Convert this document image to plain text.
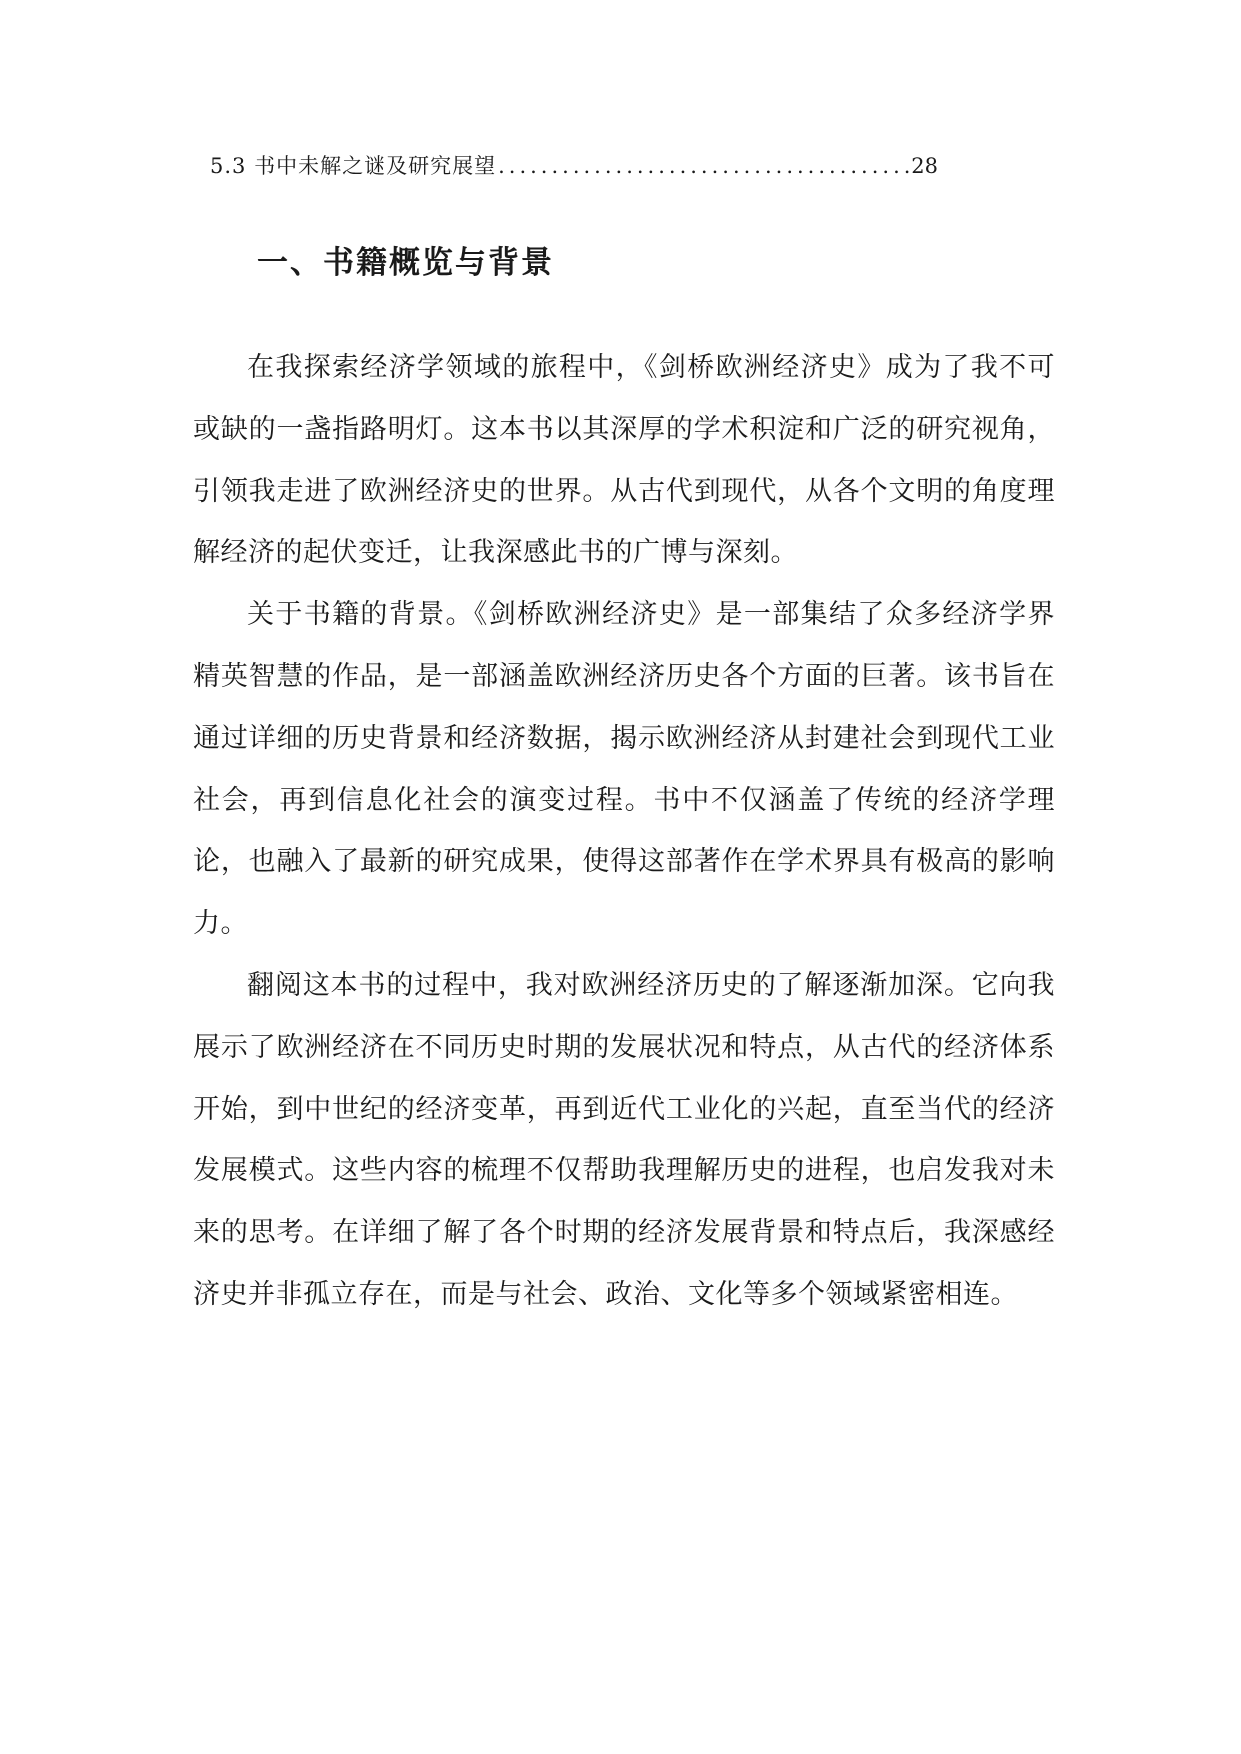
5.3
书中未解之谜及研究展望
.....	28
一、书籍概览与背景

在我探索经济学领域的旅程中，《剑桥欧洲经济史》成为了我不可或缺的一盏指路明灯。这本书以其深厚的学术积淀和广泛的研究视角，引领我走进了欧洲经济史的世界。从古代到现代，从各个文明的角度理解经济的起伏变迁，让我深感此书的广博与深刻。

关于书籍的背景。《剑桥欧洲经济史》是一部集结了众多经济学界精英智慧的作品，是一部涵盖欧洲经济历史各个方面的巨著。该书旨在通过详细的历史背景和经济数据，揭示欧洲经济从封建社会到现代工业社会，再到信息化社会的演变过程。书中不仅涵盖了传统的经济学理论，也融入了最新的研究成果，使得这部著作在学术界具有极高的影响力。

翻阅这本书的过程中，我对欧洲经济历史的了解逐渐加深。它向我展示了欧洲经济在不同历史时期的发展状况和特点，从古代的经济体系开始，到中世纪的经济变革，再到近代工业化的兴起，直至当代的经济发展模式。这些内容的梳理不仅帮助我理解历史的进程，也启发我对未来的思考。在详细了解了各个时期的经济发展背景和特点后，我深感经济史并非孤立存在，而是与社会、政治、文化等多个领域紧密相连。
